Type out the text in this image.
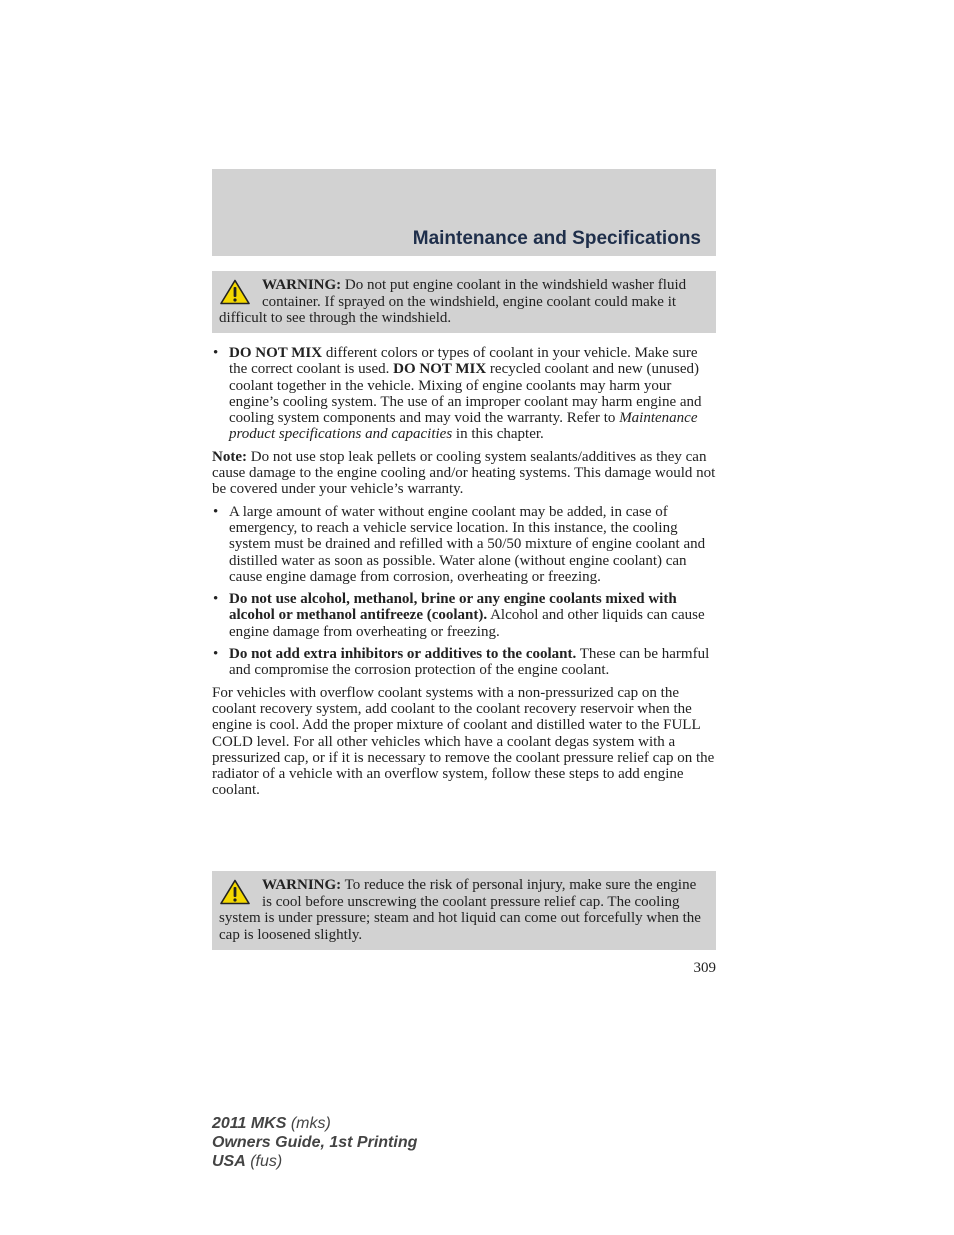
Maintenance and Specifications
WARNING: Do not put engine coolant in the windshield washer fluid container. If sprayed on the windshield, engine coolant could make it difficult to see through the windshield.
• DO NOT MIX different colors or types of coolant in your vehicle. Make sure the correct coolant is used. DO NOT MIX recycled coolant and new (unused) coolant together in the vehicle. Mixing of engine coolants may harm your engine’s cooling system. The use of an improper coolant may harm engine and cooling system components and may void the warranty. Refer to Maintenance product specifications and capacities in this chapter.
Note: Do not use stop leak pellets or cooling system sealants/additives as they can cause damage to the engine cooling and/or heating systems. This damage would not be covered under your vehicle’s warranty.
• A large amount of water without engine coolant may be added, in case of emergency, to reach a vehicle service location. In this instance, the cooling system must be drained and refilled with a 50/50 mixture of engine coolant and distilled water as soon as possible. Water alone (without engine coolant) can cause engine damage from corrosion, overheating or freezing.
• Do not use alcohol, methanol, brine or any engine coolants mixed with alcohol or methanol antifreeze (coolant). Alcohol and other liquids can cause engine damage from overheating or freezing.
• Do not add extra inhibitors or additives to the coolant. These can be harmful and compromise the corrosion protection of the engine coolant.
For vehicles with overflow coolant systems with a non-pressurized cap on the coolant recovery system, add coolant to the coolant recovery reservoir when the engine is cool. Add the proper mixture of coolant and distilled water to the FULL COLD level. For all other vehicles which have a coolant degas system with a pressurized cap, or if it is necessary to remove the coolant pressure relief cap on the radiator of a vehicle with an overflow system, follow these steps to add engine coolant.
WARNING: To reduce the risk of personal injury, make sure the engine is cool before unscrewing the coolant pressure relief cap. The cooling system is under pressure; steam and hot liquid can come out forcefully when the cap is loosened slightly.
309
2011 MKS (mks)
Owners Guide, 1st Printing
USA (fus)
